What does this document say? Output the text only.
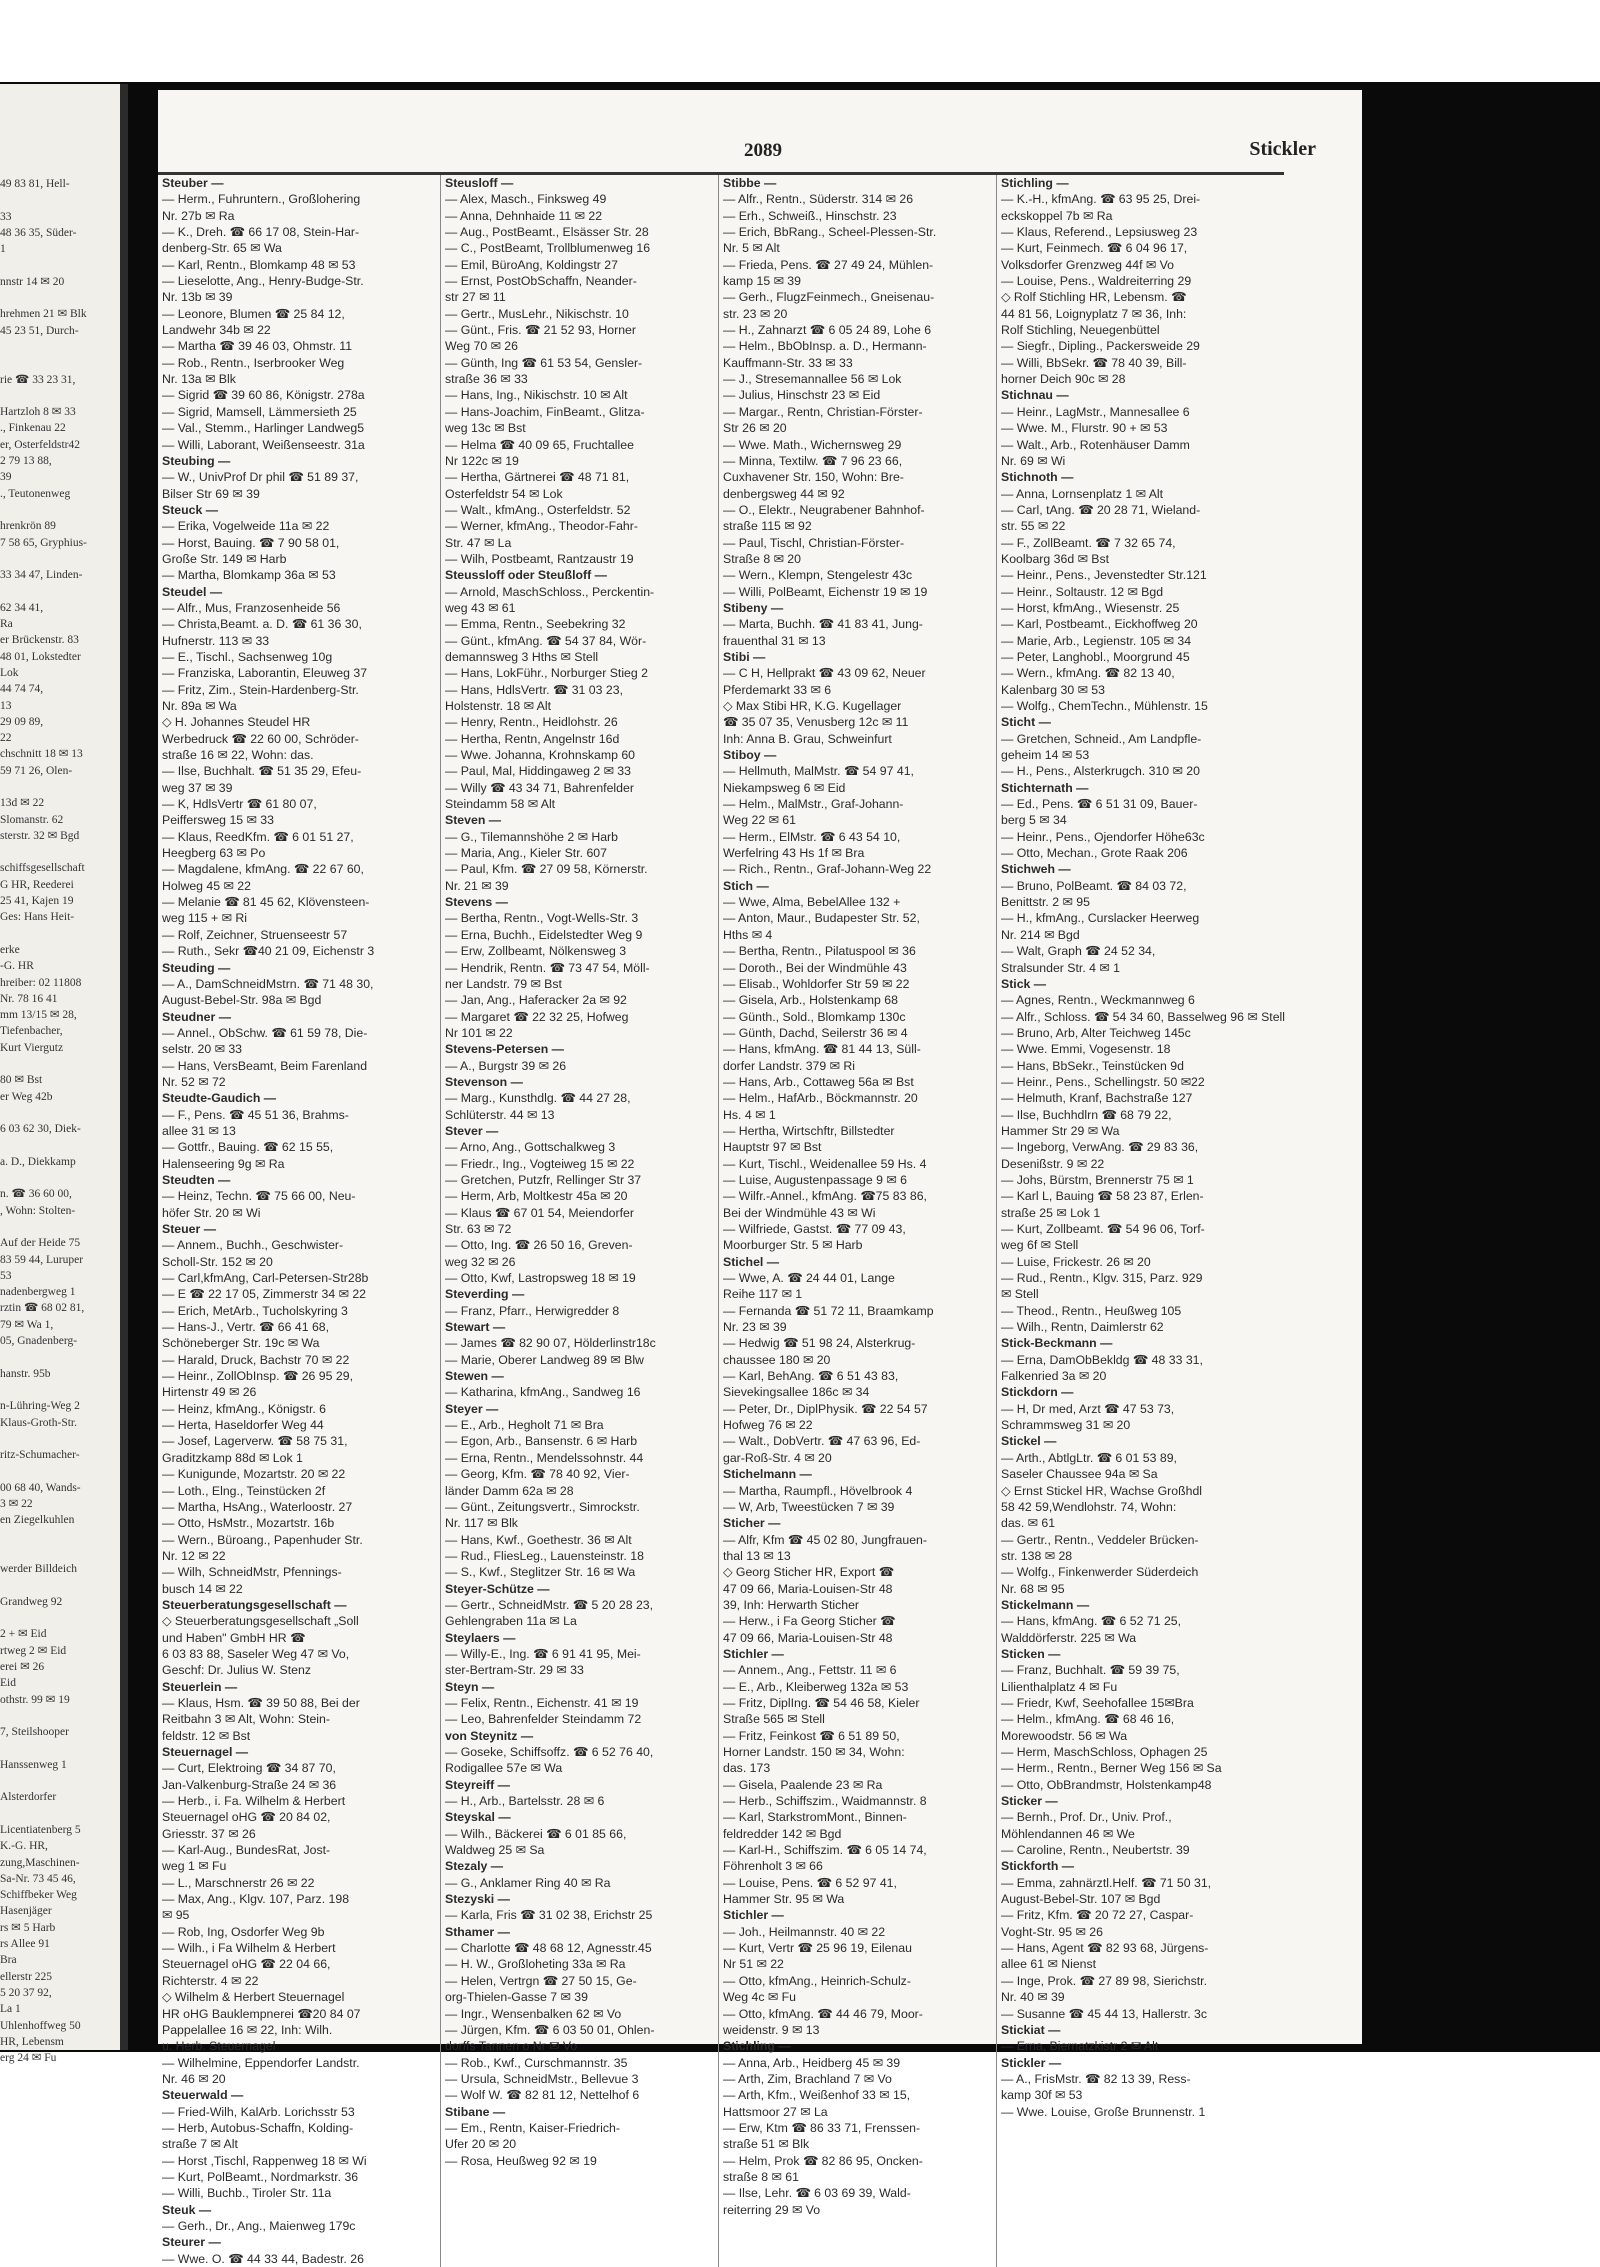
49 83 81, Hell-

33
48 36 35, Süder-
1

nnstr 14 ✉ 20

hrehmen 21 ✉ Blk
45 23 51, Durch-

rie ☎ 33 23 31,

Hartzloh 8 ✉ 33
., Finkenau 22
er, Osterfeldstr42
2 79 13 88,
39
., Teutonenweg

hrenkrön 89
7 58 65, Gryphius-

33 34 47, Linden-

62 34 41,
Ra
er Brückenstr. 83
48 01, Lokstedter
Lok
44 74 74,
13
29 09 89,
22
chschnitt 18 ✉ 13
59 71 26, Olen-

13d ✉ 22
Slomanstr. 62
sterstr. 32 ✉ Bgd

schiffsgesellschaft
G HR, Reederei
25 41, Kajen 19
Ges: Hans Heit-

erke
-G. HR
hreiber: 02 11808
Nr. 78 16 41
mm 13/15 ✉ 28,
Tiefenbacher,
Kurt Viergutz

80 ✉ Bst
er Weg 42b

6 03 62 30, Diek-

a. D., Diekkamp

n. ☎ 36 60 00,
, Wohn: Stolten-

Auf der Heide 75
83 59 44, Luruper
53
nadenbergweg 1
rztin ☎ 68 02 81,
79 ✉ Wa 1,
05, Gnadenberg-

hanstr. 95b

n-Lühring-Weg 2
Klaus-Groth-Str.

ritz-Schumacher-

00 68 40, Wands-
3 ✉ 22
en Ziegelkuhlen

werder Billdeich

Grandweg 92

2 + ✉ Eid
rtweg 2 ✉ Eid
erei ✉ 26
Eid
othstr. 99 ✉ 19

7, Steilshooper

Hanssenweg 1

Alsterdorfer

Licentiatenberg 5
K.-G. HR,
zung,Maschinen-
Sa-Nr. 73 45 46,
Schiffbeker Weg
Hasenjäger
rs ✉ 5 Harb
rs Allee 91
Bra
ellerstr 225
5 20 37 92,
La 1
Uhlenhoffweg 50
HR, Lebensm
erg 24 ✉ Fu
2089	Stickler
Steuber —
— Herm., Fuhruntern., Großlohering
Nr. 27b ✉ Ra
— K., Dreh. ☎ 66 17 08, Stein-Har-
denberg-Str. 65 ✉ Wa
— Karl, Rentn., Blomkamp 48 ✉ 53
— Lieselotte, Ang., Henry-Budge-Str.
Nr. 13b ✉ 39
— Leonore, Blumen ☎ 25 84 12,
Landwehr 34b ✉ 22
— Martha ☎ 39 46 03, Ohmstr. 11
— Rob., Rentn., Iserbrooker Weg
Nr. 13a ✉ Blk
— Sigrid ☎ 39 60 86, Königstr. 278a
— Sigrid, Mamsell, Lämmersieth 25
— Val., Stemm., Harlinger Landweg5
— Willi, Laborant, Weißenseestr. 31a
Steubing —
— W., UnivProf Dr phil ☎ 51 89 37,
Bilser Str 69 ✉ 39
Steuck —
— Erika, Vogelweide 11a ✉ 22
— Horst, Bauing. ☎ 7 90 58 01,
Große Str. 149 ✉ Harb
— Martha, Blomkamp 36a ✉ 53
Steudel —
— Alfr., Mus, Franzosenheide 56
— Christa,Beamt. a. D. ☎ 61 36 30,
Hufnerstr. 113 ✉ 33
— E., Tischl., Sachsenweg 10g
— Franziska, Laborantin, Eleuweg 37
— Fritz, Zim., Stein-Hardenberg-Str.
Nr. 89a ✉ Wa
◇ H. Johannes Steudel HR
Werbedruck ☎ 22 60 00, Schröder-
straße 16 ✉ 22, Wohn: das.
— Ilse, Buchhalt. ☎ 51 35 29, Efeu-
weg 37 ✉ 39
— K, HdlsVertr ☎ 61 80 07,
Peiffersweg 15 ✉ 33
— Klaus, ReedKfm. ☎ 6 01 51 27,
Heegberg 63 ✉ Po
— Magdalene, kfmAng. ☎ 22 67 60,
Holweg 45 ✉ 22
— Melanie ☎ 81 45 62, Klövensteen-
weg 115 + ✉ Ri
— Rolf, Zeichner, Struenseestr 57
— Ruth., Sekr ☎40 21 09, Eichenstr 3
Steuding —
— A., DamSchneidMstrn. ☎ 71 48 30,
August-Bebel-Str. 98a ✉ Bgd
Steudner —
— Annel., ObSchw. ☎ 61 59 78, Die-
selstr. 20 ✉ 33
— Hans, VersBeamt, Beim Farenland
Nr. 52 ✉ 72
Steudte-Gaudich —
— F., Pens. ☎ 45 51 36, Brahms-
allee 31 ✉ 13
— Gottfr., Bauing. ☎ 62 15 55,
Halenseering 9g ✉ Ra
Steudten —
— Heinz, Techn. ☎ 75 66 00, Neu-
höfer Str. 20 ✉ Wi
Steuer —
— Annem., Buchh., Geschwister-
Scholl-Str. 152 ✉ 20
— Carl,kfmAng, Carl-Petersen-Str28b
— E ☎ 22 17 05, Zimmerstr 34 ✉ 22
— Erich, MetArb., Tucholskyring 3
— Hans-J., Vertr. ☎ 66 41 68,
Schöneberger Str. 19c ✉ Wa
— Harald, Druck, Bachstr 70 ✉ 22
— Heinr., ZollObInsp. ☎ 26 95 29,
Hirtenstr 49 ✉ 26
— Heinz, kfmAng., Königstr. 6
— Herta, Haseldorfer Weg 44
— Josef, Lagerverw. ☎ 58 75 31,
Graditzkamp 88d ✉ Lok 1
— Kunigunde, Mozartstr. 20 ✉ 22
— Loth., Elng., Teinstücken 2f
— Martha, HsAng., Waterloostr. 27
— Otto, HsMstr., Mozartstr. 16b
— Wern., Büroang., Papenhuder Str.
Nr. 12 ✉ 22
— Wilh, SchneidMstr, Pfennings-
busch 14 ✉ 22
Steuerberatungsgesellschaft —
◇ Steuerberatungsgesellschaft „Soll
und Haben" GmbH HR ☎
6 03 83 88, Saseler Weg 47 ✉ Vo,
Geschf: Dr. Julius W. Stenz
Steuerlein —
— Klaus, Hsm. ☎ 39 50 88, Bei der
Reitbahn 3 ✉ Alt, Wohn: Stein-
feldstr. 12 ✉ Bst
Steuernagel —
— Curt, Elektroing ☎ 34 87 70,
Jan-Valkenburg-Straße 24 ✉ 36
— Herb., i. Fa. Wilhelm & Herbert
Steuernagel oHG ☎ 20 84 02,
Griesstr. 37 ✉ 26
— Karl-Aug., BundesRat, Jost-
weg 1 ✉ Fu
— L., Marschnerstr 26 ✉ 22
— Max, Ang., Klgv. 107, Parz. 198
✉ 95
— Rob, Ing, Osdorfer Weg 9b
— Wilh., i Fa Wilhelm & Herbert
Steuernagel oHG ☎ 22 04 66,
Richterstr. 4 ✉ 22
◇ Wilhelm & Herbert Steuernagel
HR oHG Bauklempnerei ☎20 84 07
Pappelallee 16 ✉ 22, Inh: Wilh.
u. Herb. Steuernagel
— Wilhelmine, Eppendorfer Landstr.
Nr. 46 ✉ 20
Steuerwald —
— Fried-Wilh, KalArb. Lorichsstr 53
— Herb, Autobus-Schaffn, Kolding-
straße 7 ✉ Alt
— Horst ,Tischl, Rappenweg 18 ✉ Wi
— Kurt, PolBeamt., Nordmarkstr. 36
— Willi, Buchb., Tiroler Str. 11a
Steuk —
— Gerh., Dr., Ang., Maienweg 179c
Steurer —
— Wwe. O. ☎ 44 33 44, Badestr. 26
Steusloff —
— Alex, Masch., Finksweg 49
— Anna, Dehnhaide 11 ✉ 22
— Aug., PostBeamt., Elsässer Str. 28
— C., PostBeamt, Trollblumenweg 16
— Emil, BüroAng, Koldingstr 27
— Ernst, PostObSchaffn, Neander-
str 27 ✉ 11
— Gertr., MusLehr., Nikischstr. 10
— Günt., Fris. ☎ 21 52 93, Horner
Weg 70 ✉ 26
— Günth, Ing ☎ 61 53 54, Gensler-
straße 36 ✉ 33
— Hans, Ing., Nikischstr. 10 ✉ Alt
— Hans-Joachim, FinBeamt., Glitza-
weg 13c ✉ Bst
— Helma ☎ 40 09 65, Fruchtallee
Nr 122c ✉ 19
— Hertha, Gärtnerei ☎ 48 71 81,
Osterfeldstr 54 ✉ Lok
— Walt., kfmAng., Osterfeldstr. 52
— Werner, kfmAng., Theodor-Fahr-
Str. 47 ✉ La
— Wilh, Postbeamt, Rantzaustr 19
Steussloff oder Steußloff —
— Arnold, MaschSchloss., Perckentin-
weg 43 ✉ 61
— Emma, Rentn., Seebekring 32
— Günt., kfmAng. ☎ 54 37 84, Wör-
demannsweg 3 Hths ✉ Stell
— Hans, LokFühr., Norburger Stieg 2
— Hans, HdlsVertr. ☎ 31 03 23,
Holstenstr. 18 ✉ Alt
— Henry, Rentn., Heidlohstr. 26
— Hertha, Rentn, Angelnstr 16d
— Wwe. Johanna, Krohnskamp 60
— Paul, Mal, Hiddingaweg 2 ✉ 33
— Willy ☎ 43 34 71, Bahrenfelder
Steindamm 58 ✉ Alt
Steven —
— G., Tilemannshöhe 2 ✉ Harb
— Maria, Ang., Kieler Str. 607
— Paul, Kfm. ☎ 27 09 58, Körnerstr.
Nr. 21 ✉ 39
Stevens —
— Bertha, Rentn., Vogt-Wells-Str. 3
— Erna, Buchh., Eidelstedter Weg 9
— Erw, Zollbeamt, Nölkensweg 3
— Hendrik, Rentn. ☎ 73 47 54, Möll-
ner Landstr. 79 ✉ Bst
— Jan, Ang., Haferacker 2a ✉ 92
— Margaret ☎ 22 32 25, Hofweg
Nr 101 ✉ 22
Stevens-Petersen —
— A., Burgstr 39 ✉ 26
Stevenson —
— Marg., Kunsthdlg. ☎ 44 27 28,
Schlüterstr. 44 ✉ 13
Stever —
— Arno, Ang., Gottschalkweg 3
— Friedr., Ing., Vogteiweg 15 ✉ 22
— Gretchen, Putzfr, Rellinger Str 37
— Herm, Arb, Moltkestr 45a ✉ 20
— Klaus ☎ 67 01 54, Meiendorfer
Str. 63 ✉ 72
— Otto, Ing. ☎ 26 50 16, Greven-
weg 32 ✉ 26
— Otto, Kwf, Lastropsweg 18 ✉ 19
Steverding —
— Franz, Pfarr., Herwigredder 8
Stewart —
— James ☎ 82 90 07, Hölderlinstr18c
— Marie, Oberer Landweg 89 ✉ Blw
Stewen —
— Katharina, kfmAng., Sandweg 16
Steyer —
— E., Arb., Hegholt 71 ✉ Bra
— Egon, Arb., Bansenstr. 6 ✉ Harb
— Erna, Rentn., Mendelssohnstr. 44
— Georg, Kfm. ☎ 78 40 92, Vier-
länder Damm 62a ✉ 28
— Günt., Zeitungsvertr., Simrockstr.
Nr. 117 ✉ Blk
— Hans, Kwf., Goethestr. 36 ✉ Alt
— Rud., FliesLeg., Lauensteinstr. 18
— S., Kwf., Steglitzer Str. 16 ✉ Wa
Steyer-Schütze —
— Gertr., SchneidMstr. ☎ 5 20 28 23,
Gehlengraben 11a ✉ La
Steylaers —
— Willy-E., Ing. ☎ 6 91 41 95, Mei-
ster-Bertram-Str. 29 ✉ 33
Steyn —
— Felix, Rentn., Eichenstr. 41 ✉ 19
— Leo, Bahrenfelder Steindamm 72
von Steynitz —
— Goseke, Schiffsoffz. ☎ 6 52 76 40,
Rodigallee 57e ✉ Wa
Steyreiff —
— H., Arb., Bartelsstr. 28 ✉ 6
Steyskal —
— Wilh., Bäckerei ☎ 6 01 85 66,
Waldweg 25 ✉ Sa
Stezaly —
— G., Anklamer Ring 40 ✉ Ra
Stezyski —
— Karla, Fris ☎ 31 02 38, Erichstr 25
Sthamer —
— Charlotte ☎ 48 68 12, Agnesstr.45
— H. W., Großloheting 33a ✉ Ra
— Helen, Vertrgn ☎ 27 50 15, Ge-
org-Thielen-Gasse 7 ✉ 39
— Ingr., Wensenbalken 62 ✉ Vo
— Jürgen, Kfm. ☎ 6 03 50 01, Ohlen-
dorffs Tannen o Nr ✉ Vo
— Rob., Kwf., Curschmannstr. 35
— Ursula, SchneidMstr., Bellevue 3
— Wolf W. ☎ 82 81 12, Nettelhof 6
Stibane —
— Em., Rentn, Kaiser-Friedrich-
Ufer 20 ✉ 20
— Rosa, Heußweg 92 ✉ 19
Stibbe —
— Alfr., Rentn., Süderstr. 314 ✉ 26
— Erh., Schweiß., Hinschstr. 23
— Erich, BbRang., Scheel-Plessen-Str.
Nr. 5 ✉ Alt
— Frieda, Pens. ☎ 27 49 24, Mühlen-
kamp 15 ✉ 39
— Gerh., FlugzFeinmech., Gneisenau-
str. 23 ✉ 20
— H., Zahnarzt ☎ 6 05 24 89, Lohe 6
— Helm., BbObInsp. a. D., Hermann-
Kauffmann-Str. 33 ✉ 33
— J., Stresemannallee 56 ✉ Lok
— Julius, Hinschstr 23 ✉ Eid
— Margar., Rentn, Christian-Förster-
Str 26 ✉ 20
— Wwe. Math., Wichernsweg 29
— Minna, Textilw. ☎ 7 96 23 66,
Cuxhavener Str. 150, Wohn: Bre-
denbergsweg 44 ✉ 92
— O., Elektr., Neugrabener Bahnhof-
straße 115 ✉ 92
— Paul, Tischl, Christian-Förster-
Straße 8 ✉ 20
— Wern., Klempn, Stengelestr 43c
— Willi, PolBeamt, Eichenstr 19 ✉ 19
Stibeny —
— Marta, Buchh. ☎ 41 83 41, Jung-
frauenthal 31 ✉ 13
Stibi —
— C H, Hellprakt ☎ 43 09 62, Neuer
Pferdemarkt 33 ✉ 6
◇ Max Stibi HR, K.G. Kugellager
☎ 35 07 35, Venusberg 12c ✉ 11
Inh: Anna B. Grau, Schweinfurt
Stiboy —
— Hellmuth, MalMstr. ☎ 54 97 41,
Niekampsweg 6 ✉ Eid
— Helm., MalMstr., Graf-Johann-
Weg 22 ✉ 61
— Herm., ElMstr. ☎ 6 43 54 10,
Werfelring 43 Hs 1f ✉ Bra
— Rich., Rentn., Graf-Johann-Weg 22
Stich —
— Wwe, Alma, BebelAllee 132 +
— Anton, Maur., Budapester Str. 52,
Hths ✉ 4
— Bertha, Rentn., Pilatuspool ✉ 36
— Doroth., Bei der Windmühle 43
— Elisab., Wohldorfer Str 59 ✉ 22
— Gisela, Arb., Holstenkamp 68
— Günth., Sold., Blomkamp 130c
— Günth, Dachd, Seilerstr 36 ✉ 4
— Hans, kfmAng. ☎ 81 44 13, Süll-
dorfer Landstr. 379 ✉ Ri
— Hans, Arb., Cottaweg 56a ✉ Bst
— Helm., HafArb., Böckmannstr. 20
Hs. 4 ✉ 1
— Hertha, Wirtschftr, Billstedter
Hauptstr 97 ✉ Bst
— Kurt, Tischl., Weidenallee 59 Hs. 4
— Luise, Augustenpassage 9 ✉ 6
— Wilfr.-Annel., kfmAng. ☎75 83 86,
Bei der Windmühle 43 ✉ Wi
— Wilfriede, Gastst. ☎ 77 09 43,
Moorburger Str. 5 ✉ Harb
Stichel —
— Wwe, A. ☎ 24 44 01, Lange
Reihe 117 ✉ 1
— Fernanda ☎ 51 72 11, Braamkamp
Nr. 23 ✉ 39
— Hedwig ☎ 51 98 24, Alsterkrug-
chaussee 180 ✉ 20
— Karl, BehAng. ☎ 6 51 43 83,
Sievekingsallee 186c ✉ 34
— Peter, Dr., DiplPhysik. ☎ 22 54 57
Hofweg 76 ✉ 22
— Walt., DobVertr. ☎ 47 63 96, Ed-
gar-Roß-Str. 4 ✉ 20
Stichelmann —
— Martha, Raumpfl., Hövelbrook 4
— W, Arb, Tweestücken 7 ✉ 39
Sticher —
— Alfr, Kfm ☎ 45 02 80, Jungfrauen-
thal 13 ✉ 13
◇ Georg Sticher HR, Export ☎
47 09 66, Maria-Louisen-Str 48
39, Inh: Herwarth Sticher
— Herw., i Fa Georg Sticher ☎
47 09 66, Maria-Louisen-Str 48
Stichler —
— Annem., Ang., Fettstr. 11 ✉ 6
— E., Arb., Kleiberweg 132a ✉ 53
— Fritz, DiplIng. ☎ 54 46 58, Kieler
Straße 565 ✉ Stell
— Fritz, Feinkost ☎ 6 51 89 50,
Horner Landstr. 150 ✉ 34, Wohn:
das. 173
— Gisela, Paalende 23 ✉ Ra
— Herb., Schiffszim., Waidmannstr. 8
— Karl, StarkstromMont., Binnen-
feldredder 142 ✉ Bgd
— Karl-H., Schiffszim. ☎ 6 05 14 74,
Föhrenholt 3 ✉ 66
— Louise, Pens. ☎ 6 52 97 41,
Hammer Str. 95 ✉ Wa
Stichler —
— Joh., Heilmannstr. 40 ✉ 22
— Kurt, Vertr ☎ 25 96 19, Eilenau
Nr 51 ✉ 22
— Otto, kfmAng., Heinrich-Schulz-
Weg 4c ✉ Fu
— Otto, kfmAng. ☎ 44 46 79, Moor-
weidenstr. 9 ✉ 13
Stichling —
— Anna, Arb., Heidberg 45 ✉ 39
— Arth, Zim, Brachland 7 ✉ Vo
— Arth, Kfm., Weißenhof 33 ✉ 15,
Hattsmoor 27 ✉ La
— Erw, Ktm ☎ 86 33 71, Frenssen-
straße 51 ✉ Blk
— Helm, Prok ☎ 82 86 95, Oncken-
straße 8 ✉ 61
— Ilse, Lehr. ☎ 6 03 69 39, Wald-
reiterring 29 ✉ Vo
Stichling —
— K.-H., kfmAng. ☎ 63 95 25, Drei-
eckskoppel 7b ✉ Ra
— Klaus, Referend., Lepsiusweg 23
— Kurt, Feinmech. ☎ 6 04 96 17,
Volksdorfer Grenzweg 44f ✉ Vo
— Louise, Pens., Waldreiterring 29
◇ Rolf Stichling HR, Lebensm. ☎
44 81 56, Loignyplatz 7 ✉ 36, Inh:
Rolf Stichling, Neuegenbüttel
— Siegfr., Dipling., Packersweide 29
— Willi, BbSekr. ☎ 78 40 39, Bill-
horner Deich 90c ✉ 28
Stichnau —
— Heinr., LagMstr., Mannesallee 6
— Wwe. M., Flurstr. 90 + ✉ 53
— Walt., Arb., Rotenhäuser Damm
Nr. 69 ✉ Wi
Stichnoth —
— Anna, Lornsenplatz 1 ✉ Alt
— Carl, tAng. ☎ 20 28 71, Wieland-
str. 55 ✉ 22
— F., ZollBeamt. ☎ 7 32 65 74,
Koolbarg 36d ✉ Bst
— Heinr., Pens., Jevenstedter Str.121
— Heinr., Soltaustr. 12 ✉ Bgd
— Horst, kfmAng., Wiesenstr. 25
— Karl, Postbeamt., Eickhoffweg 20
— Marie, Arb., Legienstr. 105 ✉ 34
— Peter, Langhobl., Moorgrund 45
— Wern., kfmAng. ☎ 82 13 40,
Kalenbarg 30 ✉ 53
— Wolfg., ChemTechn., Mühlenstr. 15
Sticht —
— Gretchen, Schneid., Am Landpfle-
geheim 14 ✉ 53
— H., Pens., Alsterkrugch. 310 ✉ 20
Stichternath —
— Ed., Pens. ☎ 6 51 31 09, Bauer-
berg 5 ✉ 34
— Heinr., Pens., Ojendorfer Höhe63c
— Otto, Mechan., Grote Raak 206
Stichweh —
— Bruno, PolBeamt. ☎ 84 03 72,
Benittstr. 2 ✉ 95
— H., kfmAng., Curslacker Heerweg
Nr. 214 ✉ Bgd
— Walt, Graph ☎ 24 52 34,
Stralsunder Str. 4 ✉ 1
Stick —
— Agnes, Rentn., Weckmannweg 6
— Alfr., Schloss. ☎ 54 34 60, Basselweg 96 ✉ Stell
— Bruno, Arb, Alter Teichweg 145c
— Wwe. Emmi, Vogesenstr. 18
— Hans, BbSekr., Teinstücken 9d
— Heinr., Pens., Schellingstr. 50 ✉22
— Helmuth, Kranf, Bachstraße 127
— Ilse, Buchhdlrn ☎ 68 79 22,
Hammer Str 29 ✉ Wa
— Ingeborg, VerwAng. ☎ 29 83 36,
Desenißstr. 9 ✉ 22
— Johs, Bürstm, Brennerstr 75 ✉ 1
— Karl L, Bauing ☎ 58 23 87, Erlen-
straße 25 ✉ Lok 1
— Kurt, Zollbeamt. ☎ 54 96 06, Torf-
weg 6f ✉ Stell
— Luise, Frickestr. 26 ✉ 20
— Rud., Rentn., Klgv. 315, Parz. 929
✉ Stell
— Theod., Rentn., Heußweg 105
— Wilh., Rentn, Daimlerstr 62
Stick-Beckmann —
— Erna, DamObBekldg ☎ 48 33 31,
Falkenried 3a ✉ 20
Stickdorn —
— H, Dr med, Arzt ☎ 47 53 73,
Schrammsweg 31 ✉ 20
Stickel —
— Arth., AbtlgLtr. ☎ 6 01 53 89,
Saseler Chaussee 94a ✉ Sa
◇ Ernst Stickel HR, Wachse Großhdl
58 42 59,Wendlohstr. 74, Wohn:
das. ✉ 61
— Gertr., Rentn., Veddeler Brücken-
str. 138 ✉ 28
— Wolfg., Finkenwerder Süderdeich
Nr. 68 ✉ 95
Stickelmann —
— Hans, kfmAng. ☎ 6 52 71 25,
Walddörferstr. 225 ✉ Wa
Sticken —
— Franz, Buchhalt. ☎ 59 39 75,
Lilienthalplatz 4 ✉ Fu
— Friedr, Kwf, Seehofallee 15✉Bra
— Helm., kfmAng. ☎ 68 46 16,
Morewoodstr. 56 ✉ Wa
— Herm, MaschSchloss, Ophagen 25
— Herm., Rentn., Berner Weg 156 ✉ Sa
— Otto, ObBrandmstr, Holstenkamp48
Sticker —
— Bernh., Prof. Dr., Univ. Prof.,
Möhlendannen 46 ✉ We
— Caroline, Rentn., Neubertstr. 39
Stickforth —
— Emma, zahnärztl.Helf. ☎ 71 50 31,
August-Bebel-Str. 107 ✉ Bgd
— Fritz, Kfm. ☎ 20 72 27, Caspar-
Voght-Str. 95 ✉ 26
— Hans, Agent ☎ 82 93 68, Jürgens-
allee 61 ✉ Nienst
— Inge, Prok. ☎ 27 89 98, Sierichstr.
Nr. 40 ✉ 39
— Susanne ☎ 45 44 13, Hallerstr. 3c
Stickiat —
— Erna, Biernatzkistr 2 ✉ Alt
Stickler —
— A., FrisMstr. ☎ 82 13 39, Ress-
kamp 30f ✉ 53
— Wwe. Louise, Große Brunnenstr. 1
